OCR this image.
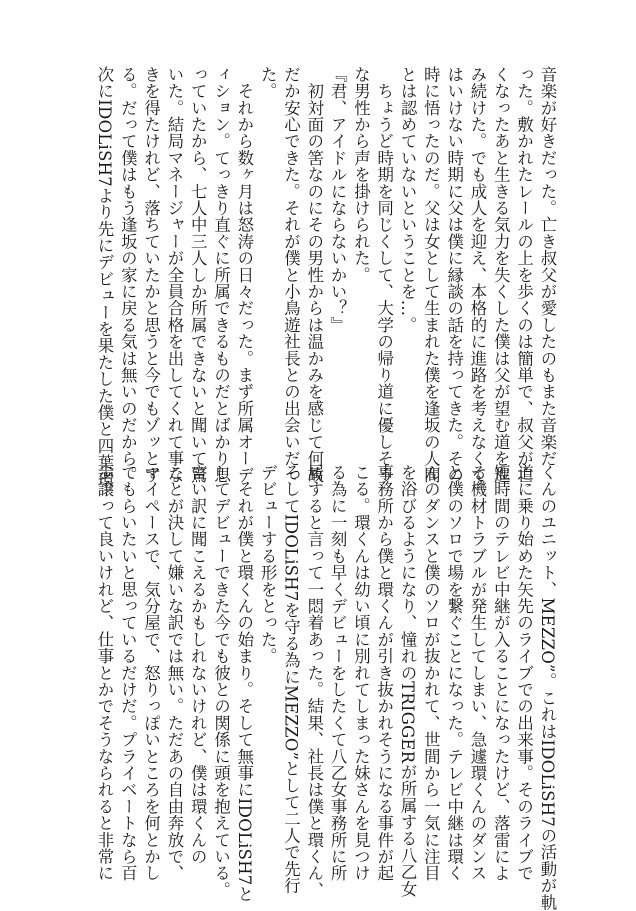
音楽が好きだった。亡き叔父が愛したのもまた音楽だ
った。敷かれたレールの上を歩くのは簡単で、叔父が亡
くなったあと生きる気力を失くした僕は父が望む道を進
み続けた。でも成人を迎え、本格的に進路を考えなくて
はいけない時期に父は僕に縁談の話を持ってきた。その
時に悟ったのだ。父は女として生まれた僕を逢坂の人間
とは認めていないということを…。
　ちょうど時期を同じくして、大学の帰り道に優しそう
な男性から声を掛けられた。
『君、アイドルにならないかい？』
　初対面の筈なのにその男性からは温かみを感じて何故
だか安心できた。それが僕と小鳥遊社長との出会いだっ
た。
　それから数ヶ月は怒涛の日々だった。まず所属オーデ
ィション。てっきり直ぐに所属できるものだとばかり思
っていたから、七人中三人しか所属できないと聞いて驚
いた。結局マネージャーが全員合格を出してくれて事な
きを得たけれど、落ちていたかと思うと今でもゾッとす
る。だって僕はもう逢坂の家に戻る気は無いのだから。
次にIDOLiSH7より先にデビューを果たした僕と四葉環
くんのユニット、MEZZO”。これはIDOLiSH7の活動が軌
道に乗り始めた矢先のライブでの出来事。そのライブで
短時間のテレビ中継が入ることになったけど、落雷によ
る機材トラブルが発生してしまい、急遽環くんのダンス
と僕のソロで場を繋ぐことになった。テレビ中継は環く
んのダンスと僕のソロが抜かれて、世間から一気に注目
を浴びるようになり、憧れのTRIGGERが所属する八乙女
事務所から僕と環くんが引き抜かれそうになる事件が起
こる。環くんは幼い頃に別れてしまった妹さんを見つけ
る為に一刻も早くデビューをしたくて八乙女事務所に所
属すると言って一悶着あった。結果、社長は僕と環くん、
そしてIDOLiSH7を守る為にMEZZO”として二人で先行
デビューする形をとった。
　それが僕と環くんの始まり。そして無事にIDOLiSH7と
してデビューできた今でも彼との関係に頭を抱えている。
言い訳に聞こえるかもしれないけれど、僕は環くんの
ことが決して嫌いな訳では無い。ただあの自由奔放で、
マイペースで、気分屋で、怒りっぽいところを何とかし
てもらいたいと思っているだけだ。プライベートなら百
歩譲って良いけれど、仕事とかでそうなられると非常に
